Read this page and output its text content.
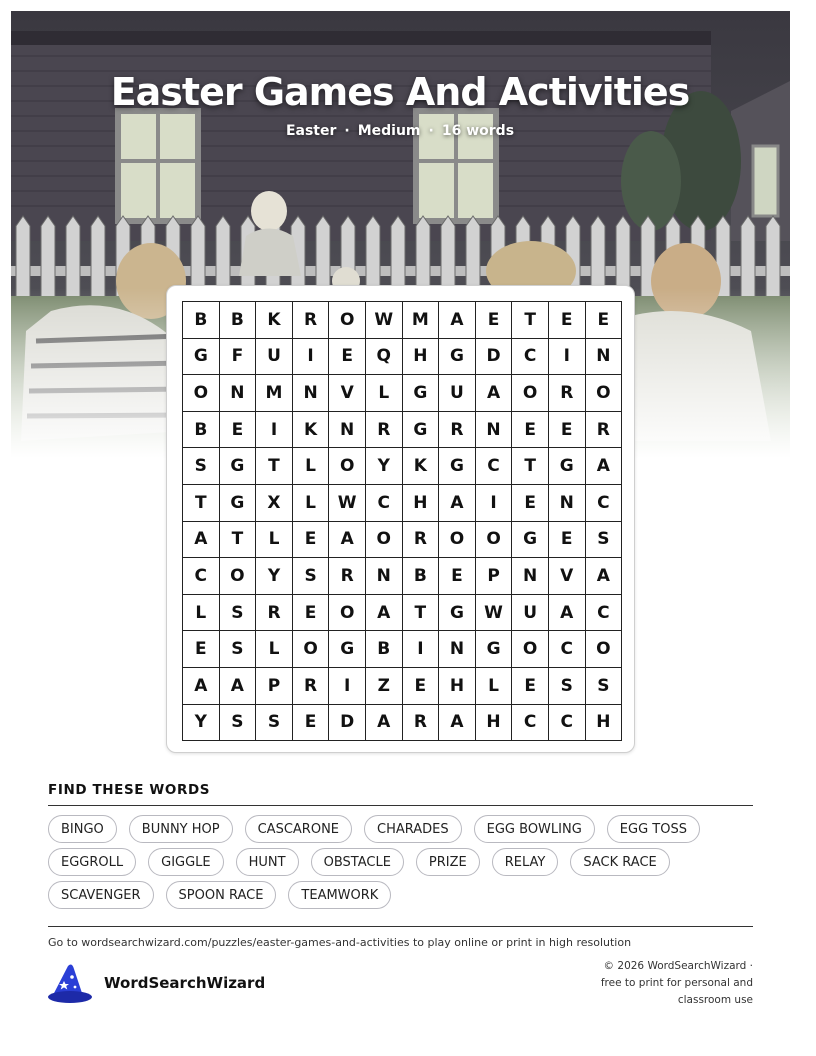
Easter Games And Activities
Easter · Medium · 16 words
B	B	K	R	O	W	M	A	E	T	E	E
G	F	U	I	E	Q	H	G	D	C	I	N
O	N	M	N	V	L	G	U	A	O	R	O
B	E	I	K	N	R	G	R	N	E	E	R
S	G	T	L	O	Y	K	G	C	T	G	A
T	G	X	L	W	C	H	A	I	E	N	C
A	T	L	E	A	O	R	O	O	G	E	S
C	O	Y	S	R	N	B	E	P	N	V	A
L	S	R	E	O	A	T	G	W	U	A	C
E	S	L	O	G	B	I	N	G	O	C	O
A	A	P	R	I	Z	E	H	L	E	S	S
Y	S	S	E	D	A	R	A	H	C	C	H
FIND THESE WORDS
BINGO	BUNNY HOP	CASCARONE	CHARADES	EGG BOWLING	EGG TOSS
EGGROLL	GIGGLE	HUNT	OBSTACLE	PRIZE	RELAY	SACK RACE
SCAVENGER	SPOON RACE	TEAMWORK
Go to wordsearchwizard.com/puzzles/easter-games-and-activities to play online or print in high resolution
WordSearchWizard
© 2026 WordSearchWizard ·
free to print for personal and
classroom use
